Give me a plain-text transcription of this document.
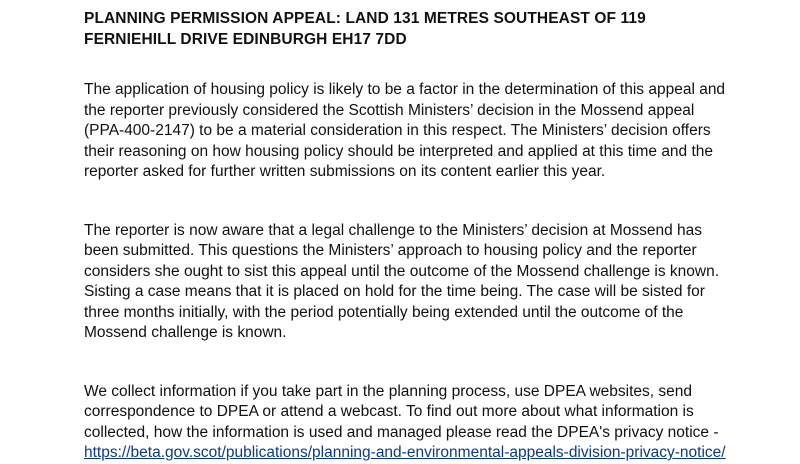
PLANNING PERMISSION APPEAL: LAND 131 METRES SOUTHEAST OF 119 FERNIEHILL DRIVE EDINBURGH EH17 7DD

The application of housing policy is likely to be a factor in the determination of this appeal and the reporter previously considered the Scottish Ministers’ decision in the Mossend appeal (PPA-400-2147) to be a material consideration in this respect. The Ministers’ decision offers their reasoning on how housing policy should be interpreted and applied at this time and the reporter asked for further written submissions on its content earlier this year.

The reporter is now aware that a legal challenge to the Ministers’ decision at Mossend has been submitted. This questions the Ministers’ approach to housing policy and the reporter considers she ought to sist this appeal until the outcome of the Mossend challenge is known. Sisting a case means that it is placed on hold for the time being. The case will be sisted for three months initially, with the period potentially being extended until the outcome of the Mossend challenge is known.

We collect information if you take part in the planning process, use DPEA websites, send correspondence to DPEA or attend a webcast. To find out more about what information is collected, how the information is used and managed please read the DPEA's privacy notice - https://beta.gov.scot/publications/planning-and-environmental-appeals-division-privacy-notice/
